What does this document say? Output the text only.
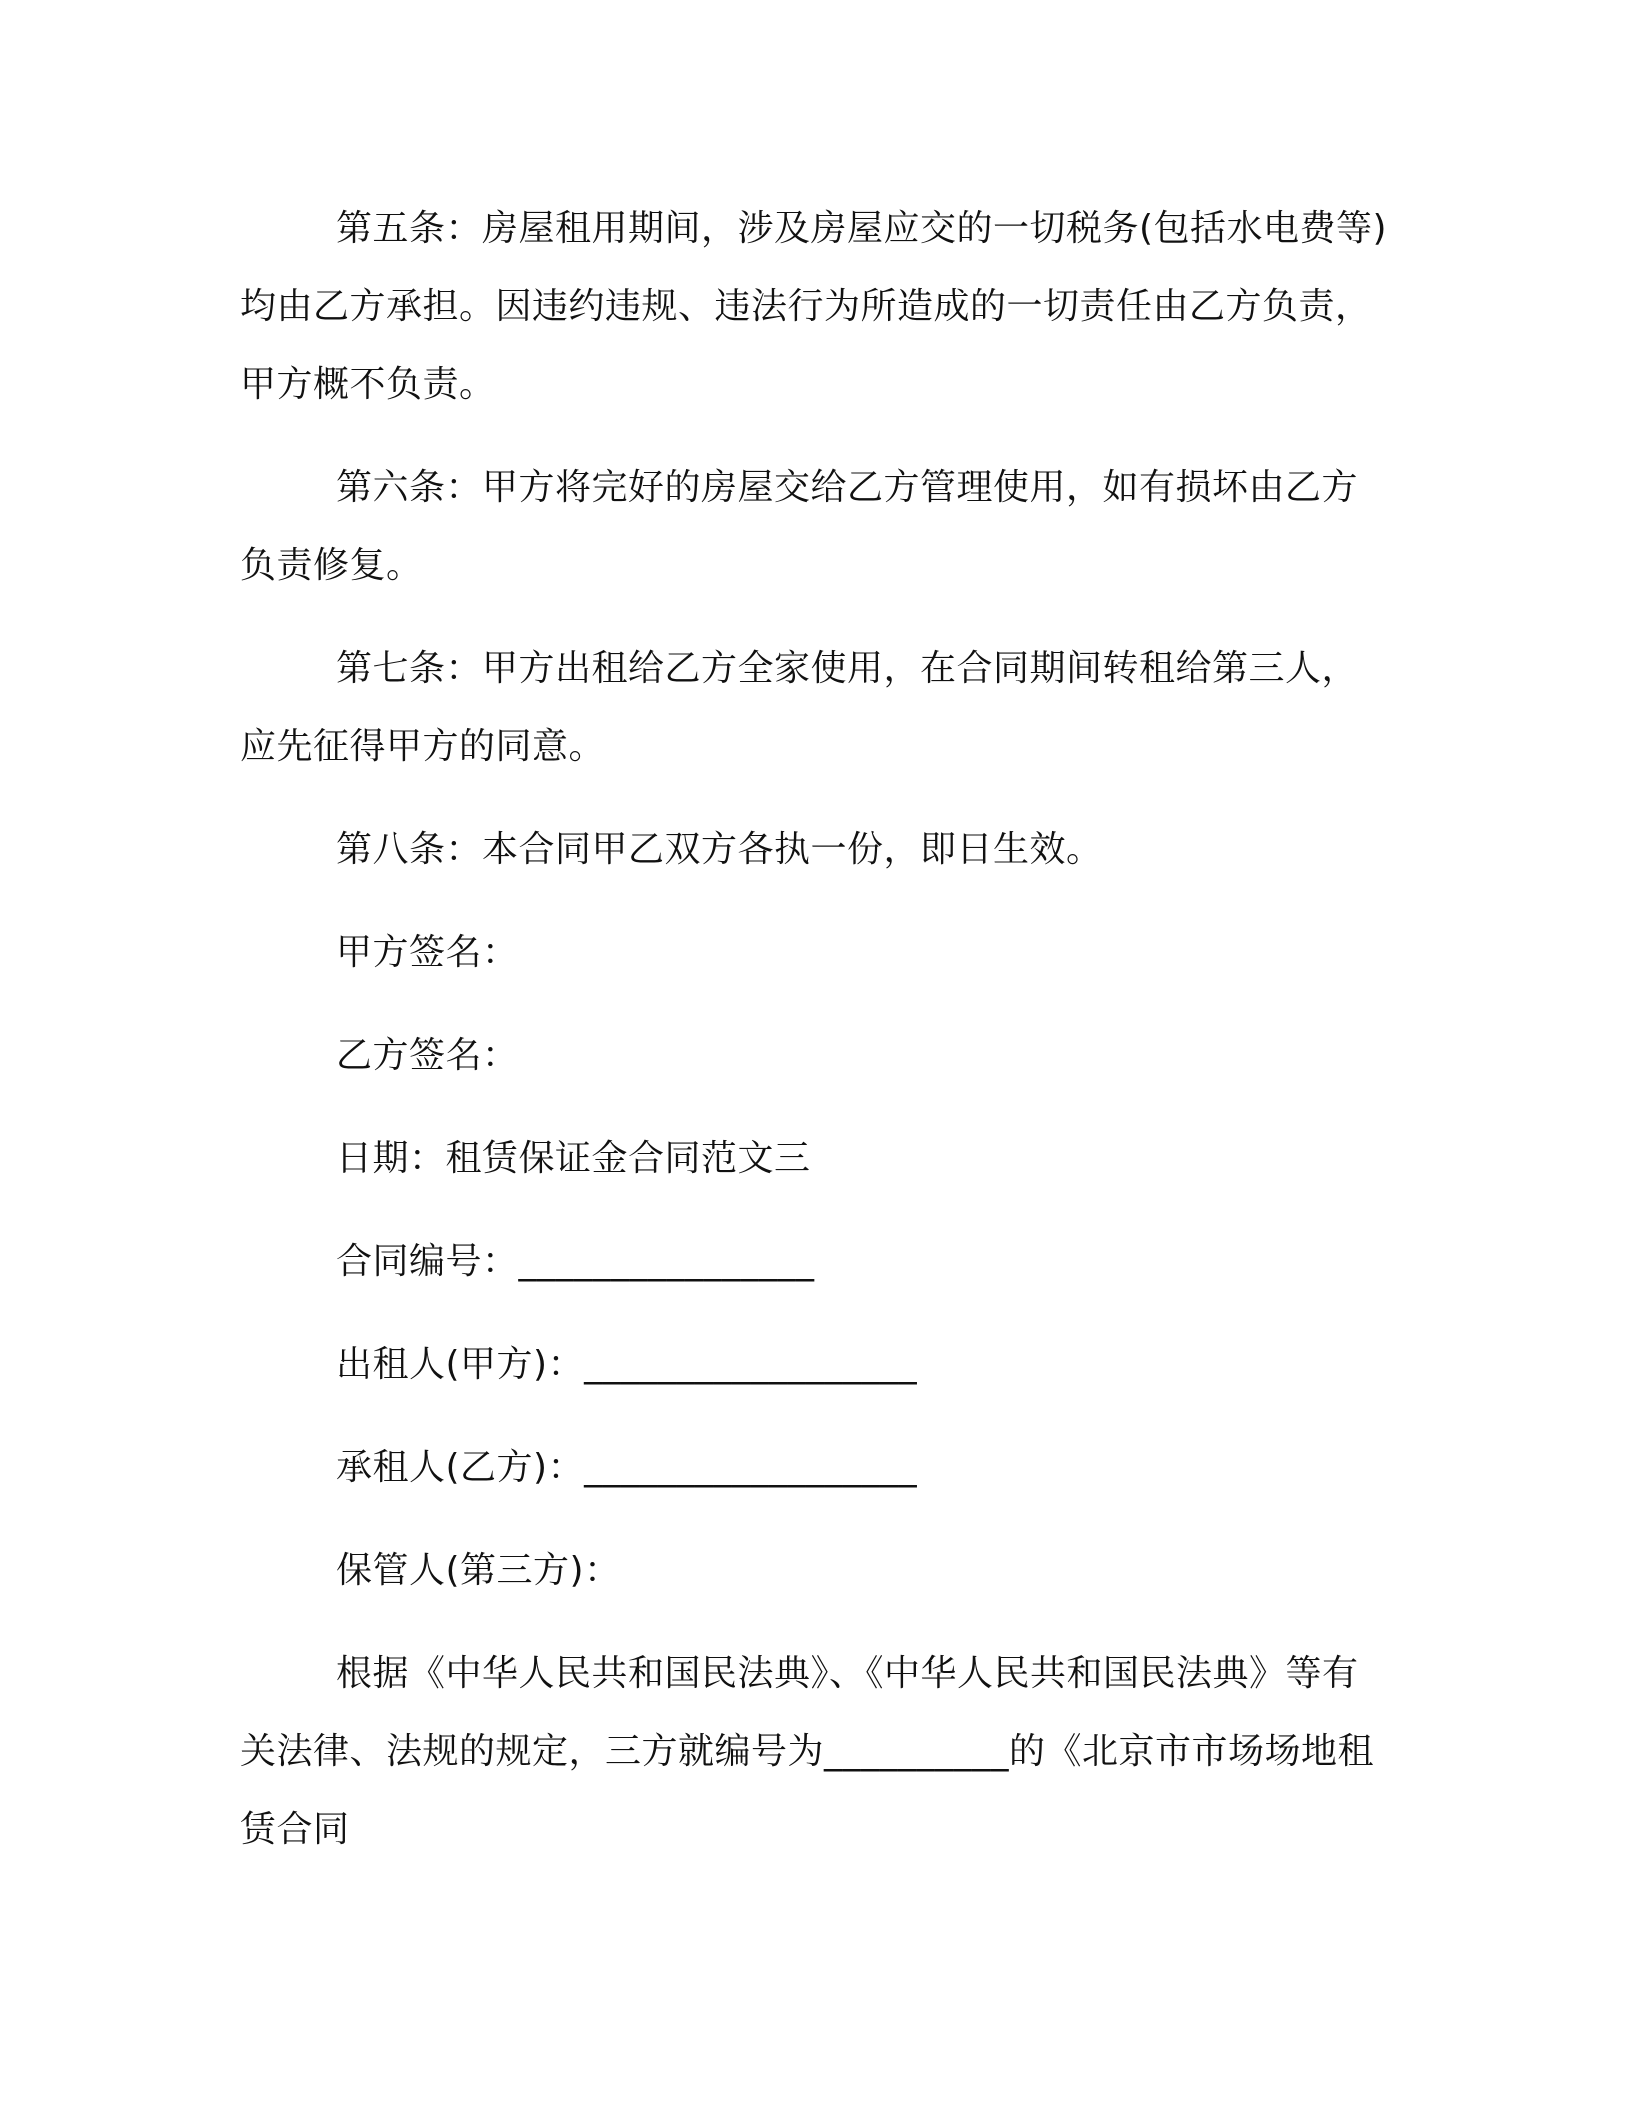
第五条：房屋租用期间，涉及房屋应交的一切税务(包括水电费等)均由乙方承担。因违约违规、违法行为所造成的一切责任由乙方负责，甲方概不负责。

第六条：甲方将完好的房屋交给乙方管理使用，如有损坏由乙方负责修复。

第七条：甲方出租给乙方全家使用，在合同期间转租给第三人，应先征得甲方的同意。

第八条：本合同甲乙双方各执一份，即日生效。

甲方签名：
乙方签名：
日期：租赁保证金合同范文三
合同编号：________________
出租人(甲方)：__________________
承租人(乙方)：__________________
保管人(第三方)：

根据《中华人民共和国民法典》、《中华人民共和国民法典》等有关法律、法规的规定，三方就编号为__________的《北京市市场场地租赁合同
